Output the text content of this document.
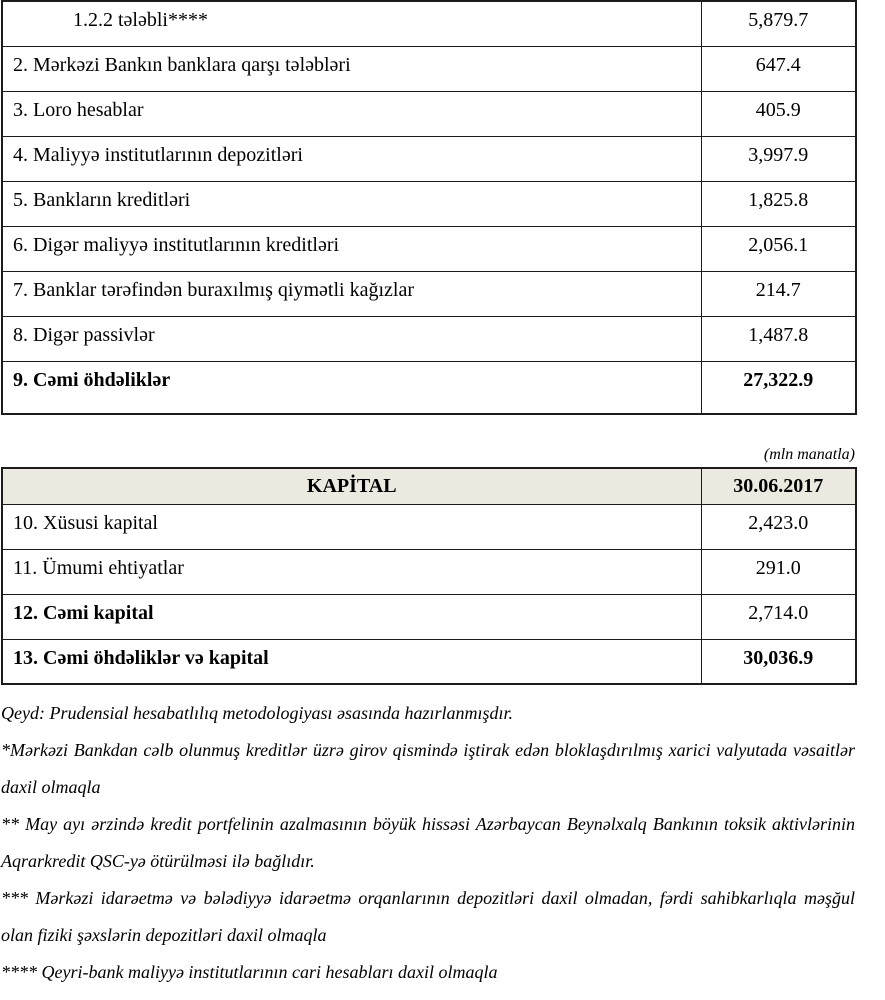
1.2.2 tələbli****	5,879.7
2. Mərkəzi Bankın banklara qarşı tələbləri	647.4
3. Loro hesablar	405.9
4. Maliyyə institutlarının depozitləri	3,997.9
5. Bankların kreditləri	1,825.8
6. Digər maliyyə institutlarının kreditləri	2,056.1
7. Banklar tərəfindən buraxılmış qiymətli kağızlar	214.7
8. Digər passivlər	1,487.8
9. Cəmi öhdəliklər	27,322.9
(mln manatla)
KAPİTAL	30.06.2017
10. Xüsusi kapital	2,423.0
11. Ümumi ehtiyatlar	291.0
12. Cəmi kapital	2,714.0
13. Cəmi öhdəliklər və kapital	30,036.9

Qeyd: Prudensial hesabatlılıq metodologiyası əsasında hazırlanmışdır.

*Mərkəzi Bankdan cəlb olunmuş kreditlər üzrə girov qismində iştirak edən bloklaşdırılmış xarici valyutada vəsaitlər daxil olmaqla

** May ayı ərzində kredit portfelinin azalmasının böyük hissəsi Azərbaycan Beynəlxalq Bankının toksik aktivlərinin Aqrarkredit QSC-yə ötürülməsi ilə bağlıdır.

*** Mərkəzi idarəetmə və bələdiyyə idarəetmə orqanlarının depozitləri daxil olmadan, fərdi sahibkarlıqla məşğul olan fiziki şəxslərin depozitləri daxil olmaqla

**** Qeyri-bank maliyyə institutlarının cari hesabları daxil olmaqla
